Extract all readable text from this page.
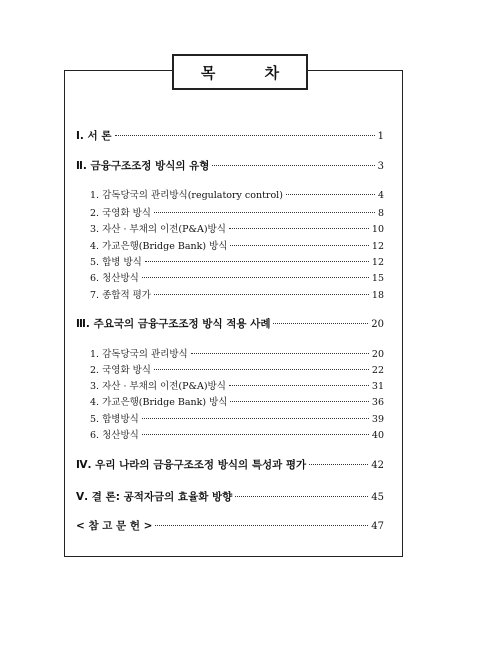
목 차
Ⅰ. 서 론	1
Ⅱ. 금융구조조정 방식의 유형	3
1. 감독당국의 관리방식(regulatory control)	4
2. 국영화 방식	8
3. 자산 · 부채의 이전(P&A)방식	10
4. 가교은행(Bridge Bank) 방식	12
5. 합병 방식	12
6. 청산방식	15
7. 종합적 평가	18
Ⅲ. 주요국의 금융구조조정 방식 적용 사례	20
1. 감독당국의 관리방식	20
2. 국영화 방식	22
3. 자산 · 부채의 이전(P&A)방식	31
4. 가교은행(Bridge Bank) 방식	36
5. 합병방식	39
6. 청산방식	40
Ⅳ. 우리 나라의 금융구조조정 방식의 특성과 평가	42
Ⅴ. 결 론: 공적자금의 효율화 방향	45
< 참 고 문 헌 >	47
